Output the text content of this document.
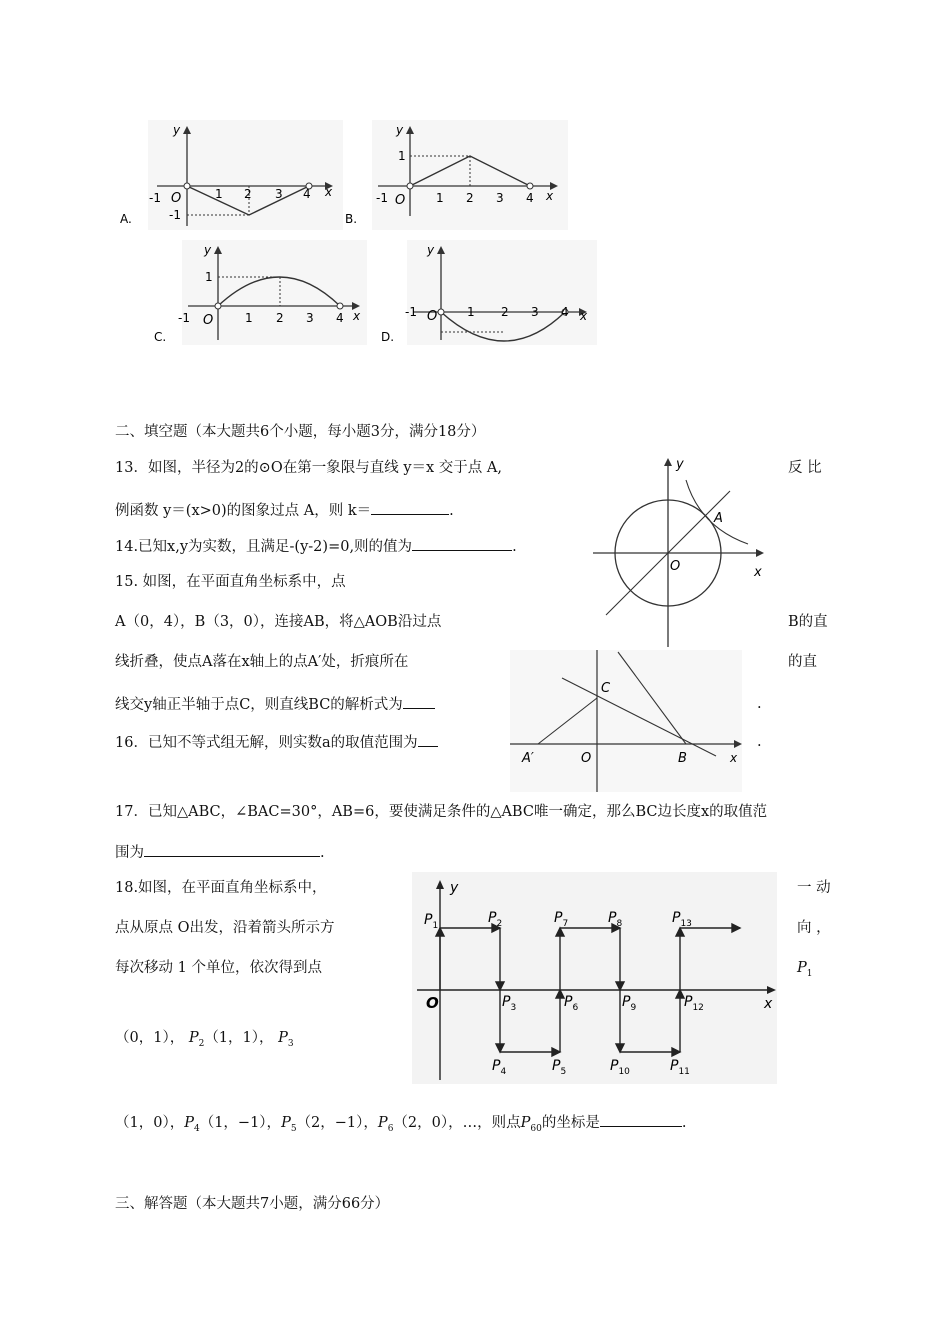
-1 O	1 2 3 4
-1
x
y
A.
-1 O	1 2 3 4
1
x
y
B.
-1 O	1 2 3 4
1
x
y
C.
-1 O 1 2 3 4 x
y
D.
二、填空题（本大题共6个小题，每小题3分，满分18分）
13．如图，半径为2的⊙O在第一象限与直线 y＝x 交于点 A,	反 比
例函数 y＝(x>0)的图象过点 A，则 k＝	.
y
x
O
A
14.已知x,y为实数，且满足-(y-2)=0,则的值为	.
15. 如图，在平面直角坐标系中，点
A（0，4），B（3，0），连接AB，将△AOB沿过点	B的直
线折叠，使点A落在x轴上的点A′处，折痕所在	的直
线交y轴正半轴于点C，则直线BC的解析式为	.
C
O	B
A′	x
16．已知不等式组无解，则实数a的取值范围为	.
17．已知△ABC，∠BAC=30°，AB=6，要使满足条件的△ABC唯一确定，那么BC边长度x的取值范
围为	.
18.如图，在平面直角坐标系中，	一 动
点从原点 O出发，沿着箭头所示方	向 ，
每次移动 1 个单位，依次得到点	$P_1$
（0，1）， $P_2(1$，1）， $P_3$
（1，0），$P_4(1$，−1），$P_5(2$，−1），$P_6(2$，0），…，则点$P_{60}$的坐标是	.
y
x
O
$P_1$	$P_2$
$P_3$
$P_4$	$P_5$
$P_6$
$P_7$	$P_8$
$P_9$
$P_{10}$	$P_{11}$
$P_{12}$
$P_{13}$
三、解答题（本大题共7小题，满分66分）
